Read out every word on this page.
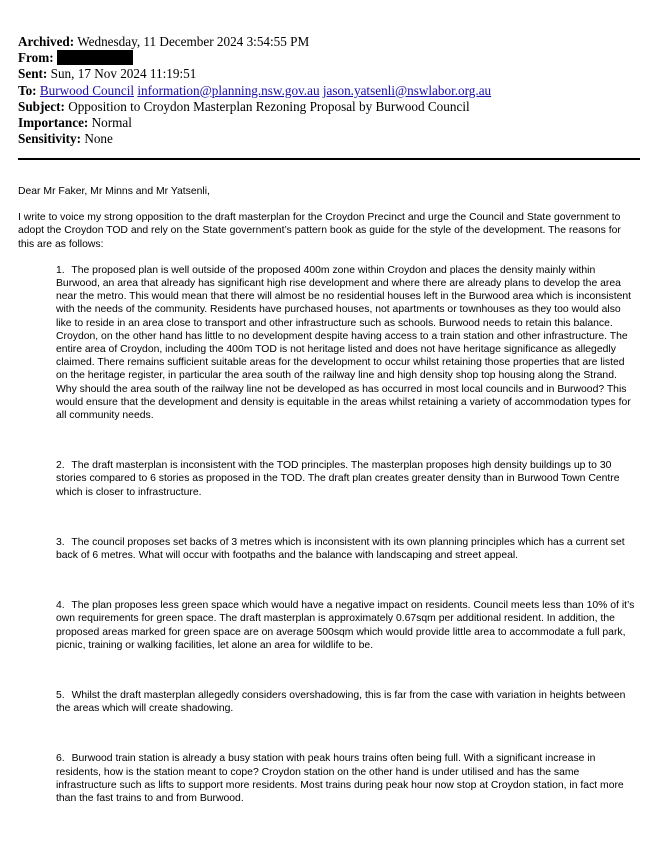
Archived: Wednesday, 11 December 2024 3:54:55 PM
From:
Sent: Sun, 17 Nov 2024 11:19:51
To: Burwood Council information@planning.nsw.gov.au jason.yatsenli@nswlabor.org.au
Subject: Opposition to Croydon Masterplan Rezoning Proposal by Burwood Council
Importance: Normal
Sensitivity: None

Dear Mr Faker, Mr Minns and Mr Yatsenli,

I write to voice my strong opposition to the draft masterplan for the Croydon Precinct and urge the Council and State government to adopt the Croydon TOD and rely on the State government’s pattern book as guide for the style of the development. The reasons for this are as follows:

1. The proposed plan is well outside of the proposed 400m zone within Croydon and places the density mainly within Burwood, an area that already has significant high rise development and where there are already plans to develop the area near the metro. This would mean that there will almost be no residential houses left in the Burwood area which is inconsistent with the needs of the community. Residents have purchased houses, not apartments or townhouses as they too would also like to reside in an area close to transport and other infrastructure such as schools. Burwood needs to retain this balance. Croydon, on the other hand has little to no development despite having access to a train station and other infrastructure. The entire area of Croydon, including the 400m TOD is not heritage listed and does not have heritage significance as allegedly claimed. There remains sufficient suitable areas for the development to occur whilst retaining those properties that are listed on the heritage register, in particular the area south of the railway line and high density shop top housing along the Strand. Why should the area south of the railway line not be developed as has occurred in most local councils and in Burwood? This would ensure that the development and density is equitable in the areas whilst retaining a variety of accommodation types for all community needs.
2. The draft masterplan is inconsistent with the TOD principles. The masterplan proposes high density buildings up to 30 stories compared to 6 stories as proposed in the TOD. The draft plan creates greater density than in Burwood Town Centre which is closer to infrastructure.
3. The council proposes set backs of 3 metres which is inconsistent with its own planning principles which has a current set back of 6 metres. What will occur with footpaths and the balance with landscaping and street appeal.
4. The plan proposes less green space which would have a negative impact on residents. Council meets less than 10% of it’s own requirements for green space. The draft masterplan is approximately 0.67sqm per additional resident. In addition, the proposed areas marked for green space are on average 500sqm which would provide little area to accommodate a full park, picnic, training or walking facilities, let alone an area for wildlife to be.
5. Whilst the draft masterplan allegedly considers overshadowing, this is far from the case with variation in heights between the areas which will create shadowing.
6. Burwood train station is already a busy station with peak hours trains often being full. With a significant increase in residents, how is the station meant to cope? Croydon station on the other hand is under utilised and has the same infrastructure such as lifts to support more residents. Most trains during peak hour now stop at Croydon station, in fact more than the fast trains to and from Burwood.
